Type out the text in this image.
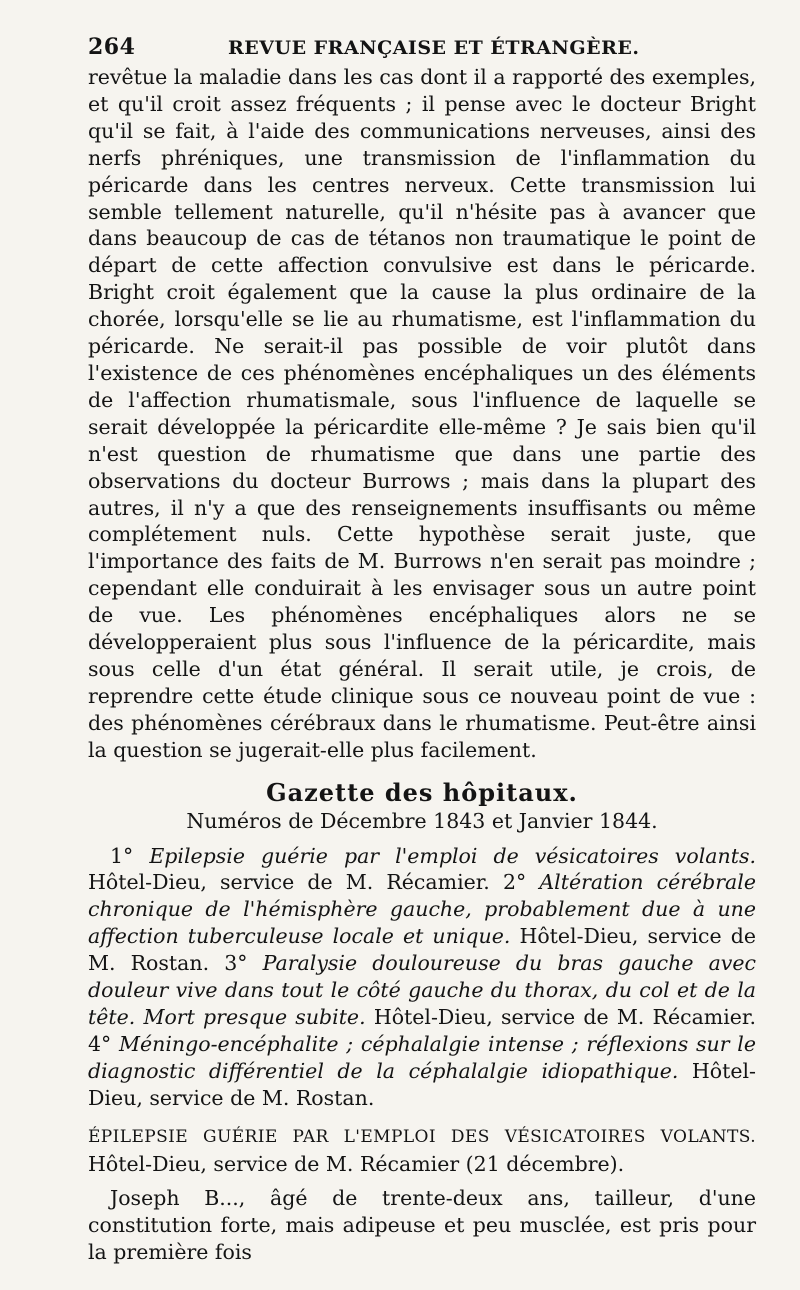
264	REVUE FRANÇAISE ET ÉTRANGÈRE.

revêtue la maladie dans les cas dont il a rapporté des exemples, et qu'il croit assez fréquents ; il pense avec le docteur Bright qu'il se fait, à l'aide des communications nerveuses, ainsi des nerfs phréniques, une transmission de l'inflammation du péricarde dans les centres nerveux. Cette transmission lui semble tellement naturelle, qu'il n'hésite pas à avancer que dans beaucoup de cas de tétanos non traumatique le point de départ de cette affection convulsive est dans le péricarde. Bright croit également que la cause la plus ordinaire de la chorée, lorsqu'elle se lie au rhumatisme, est l'inflammation du péricarde. Ne serait-il pas possible de voir plutôt dans l'existence de ces phénomènes encéphaliques un des éléments de l'affection rhumatismale, sous l'influence de laquelle se serait développée la péricardite elle-même ? Je sais bien qu'il n'est question de rhumatisme que dans une partie des observations du docteur Burrows ; mais dans la plupart des autres, il n'y a que des renseignements insuffisants ou même complétement nuls. Cette hypothèse serait juste, que l'importance des faits de M. Burrows n'en serait pas moindre ; cependant elle conduirait à les envisager sous un autre point de vue. Les phénomènes encéphaliques alors ne se développeraient plus sous l'influence de la péricardite, mais sous celle d'un état général. Il serait utile, je crois, de reprendre cette étude clinique sous ce nouveau point de vue : des phénomènes cérébraux dans le rhumatisme. Peut-être ainsi la question se jugerait-elle plus facilement.

Gazette des hôpitaux.
Numéros de Décembre 1843 et Janvier 1844.

1° Epilepsie guérie par l'emploi de vésicatoires volants. Hôtel-Dieu, service de M. Récamier. 2° Altération cérébrale chronique de l'hémisphère gauche, probablement due à une affection tuberculeuse locale et unique. Hôtel-Dieu, service de M. Rostan. 3° Paralysie douloureuse du bras gauche avec douleur vive dans tout le côté gauche du thorax, du col et de la tête. Mort presque subite. Hôtel-Dieu, service de M. Récamier. 4° Méningo-encéphalite ; céphalalgie intense ; réflexions sur le diagnostic différentiel de la céphalalgie idiopathique. Hôtel-Dieu, service de M. Rostan.

ÉPILEPSIE GUÉRIE PAR L'EMPLOI DES VÉSICATOIRES VOLANTS. Hôtel-Dieu, service de M. Récamier (21 décembre).

Joseph B..., âgé de trente-deux ans, tailleur, d'une constitution forte, mais adipeuse et peu musclée, est pris pour la première fois
